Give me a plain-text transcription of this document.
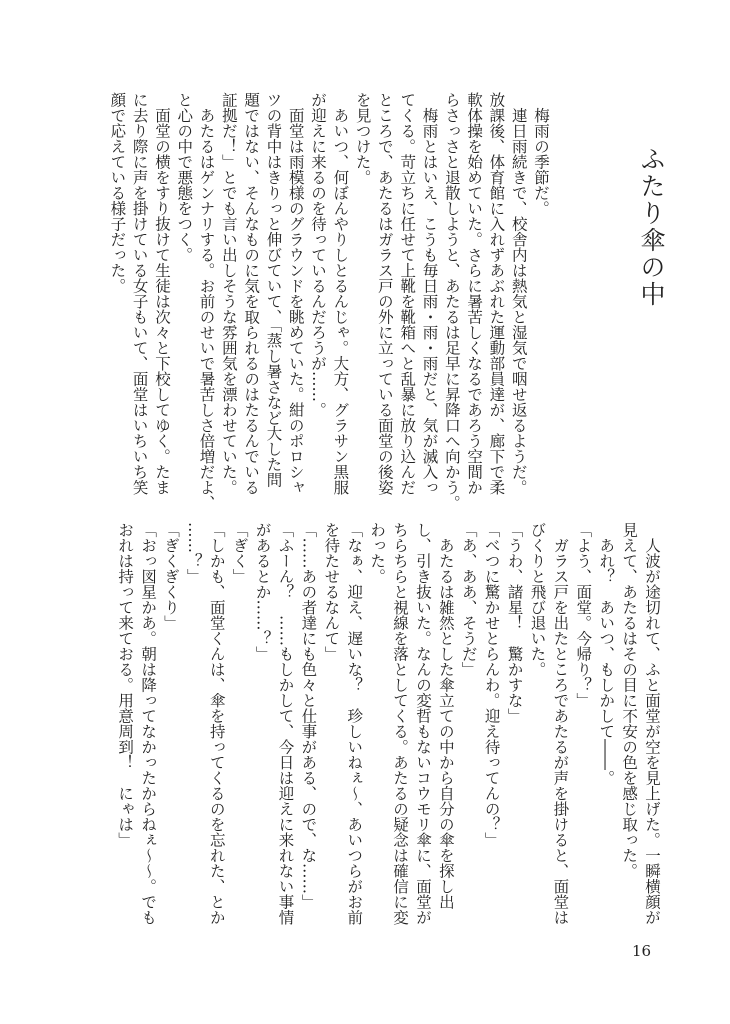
ふたり傘の中
　梅雨の季節だ。
　連日雨続きで、校舎内は熱気と湿気で咽せ返るようだ。
放課後、体育館に入れずあぶれた運動部員達が、廊下で柔
軟体操を始めていた。さらに暑苦しくなるであろう空間か
らさっさと退散しようと、あたるは足早に昇降口へ向かう。
　梅雨とはいえ、こうも毎日雨・雨・雨だと、気が滅入っ
てくる。苛立ちに任せて上靴を靴箱へと乱暴に放り込んだ
ところで、あたるはガラス戸の外に立っている面堂の後姿
を見つけた。
　あいつ、何ぼんやりしとるんじゃ。大方、グラサン黒服
が迎えに来るのを待っているんだろうが……。
　面堂は雨模様のグラウンドを眺めていた。紺のポロシャ
ツの背中はきりっと伸びていて、「蒸し暑さなど大した問
題ではない、そんなものに気を取られるのはたるんでいる
証拠だ！」とでも言い出しそうな雰囲気を漂わせていた。
　あたるはゲンナリする。お前のせいで暑苦しさ倍増だよ、
と心の中で悪態をつく。
　面堂の横をすり抜けて生徒は次々と下校してゆく。たま
に去り際に声を掛けている女子もいて、面堂はいちいち笑
顔で応えている様子だった。
　人波が途切れて、ふと面堂が空を見上げた。一瞬横顔が
見えて、あたるはその目に不安の色を感じ取った。
　あれ？　あいつ、もしかして――。
「よう、面堂。今帰り？」
　ガラス戸を出たところであたるが声を掛けると、面堂は
びくりと飛び退いた。
「うわ、諸星！　驚かすな」
「べつに驚かせとらんわ。迎え待ってんの？」
「あ、ああ、そうだ」
　あたるは雑然とした傘立ての中から自分の傘を探し出
し、引き抜いた。なんの変哲もないコウモリ傘に、面堂が
ちらちらと視線を落としてくる。あたるの疑念は確信に変
わった。
「なぁ、迎え、遅いな？　珍しいねぇ〜、あいつらがお前
を待たせるなんて」
「……あの者達にも色々と仕事がある、ので、な……」
「ふーん？　……もしかして、今日は迎えに来れない事情
があるとか……？」
「ぎく」
「しかも、面堂くんは、傘を持ってくるのを忘れた、とか
……？」
「ぎくぎくり」
「おっ図星かあ。朝は降ってなかったからねぇ〜〜。でも
おれは持って来ておる。用意周到！　にゃは」
16
